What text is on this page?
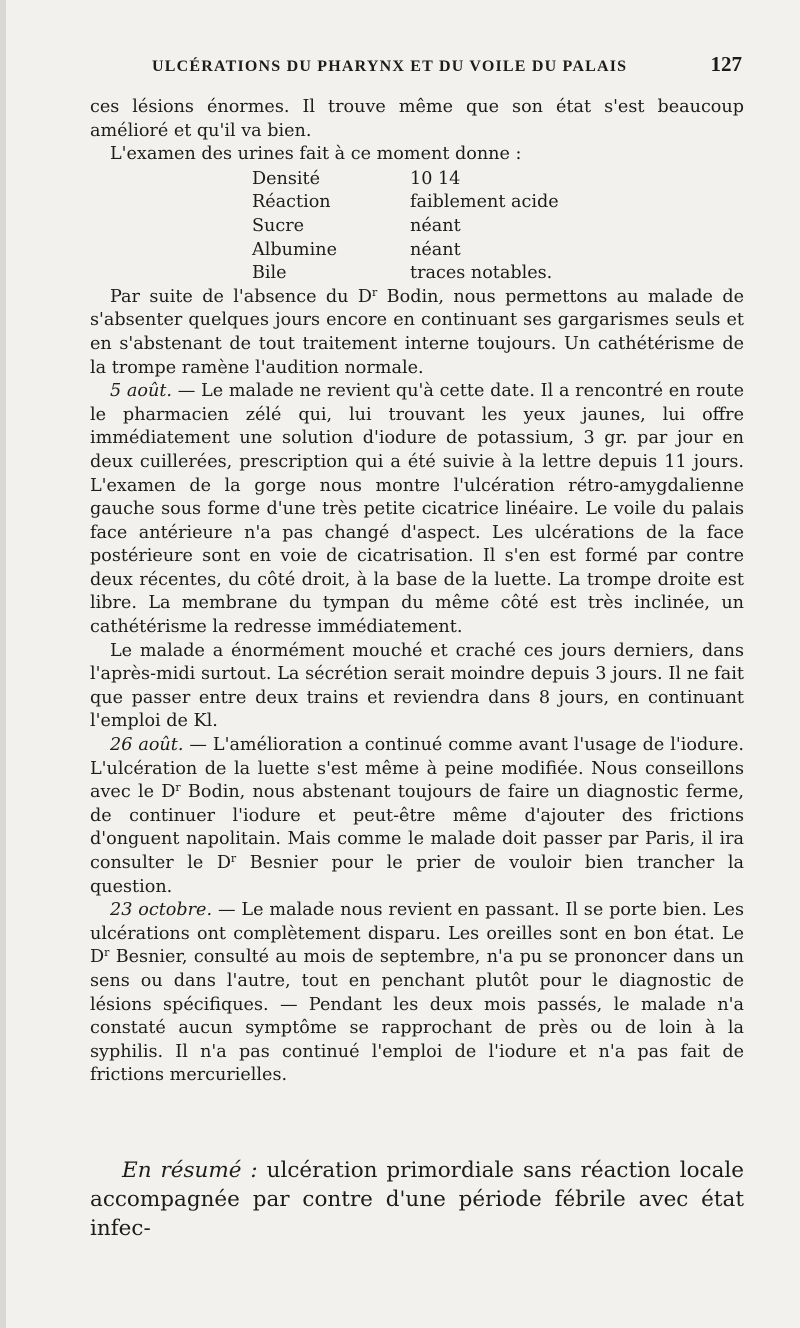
ULCÉRATIONS DU PHARYNX ET DU VOILE DU PALAIS	127

ces lésions énormes. Il trouve même que son état s'est beaucoup amélioré et qu'il va bien.

L'examen des urines fait à ce moment donne :

Densité	10 14
Réaction	faiblement acide
Sucre	néant
Albumine	néant
Bile	traces notables.

Par suite de l'absence du $D^r$ Bodin, nous permettons au malade de s'absenter quelques jours encore en continuant ses gargarismes seuls et en s'abstenant de tout traitement interne toujours. Un cathétérisme de la trompe ramène l'audition normale.

5 août. — Le malade ne revient qu'à cette date. Il a rencontré en route le pharmacien zélé qui, lui trouvant les yeux jaunes, lui offre immédiatement une solution d'iodure de potassium, 3 gr. par jour en deux cuillerées, prescription qui a été suivie à la lettre depuis 11 jours. L'examen de la gorge nous montre l'ulcération rétro-amygdalienne gauche sous forme d'une très petite cicatrice linéaire. Le voile du palais face antérieure n'a pas changé d'aspect. Les ulcérations de la face postérieure sont en voie de cicatrisation. Il s'en est formé par contre deux récentes, du côté droit, à la base de la luette. La trompe droite est libre. La membrane du tympan du même côté est très inclinée, un cathétérisme la redresse immédiatement.

Le malade a énormément mouché et craché ces jours derniers, dans l'après-midi surtout. La sécrétion serait moindre depuis 3 jours. Il ne fait que passer entre deux trains et reviendra dans 8 jours, en continuant l'emploi de Kl.

26 août. — L'amélioration a continué comme avant l'usage de l'iodure. L'ulcération de la luette s'est même à peine modifiée. Nous conseillons avec le $D^r$ Bodin, nous abstenant toujours de faire un diagnostic ferme, de continuer l'iodure et peut-être même d'ajouter des frictions d'onguent napolitain. Mais comme le malade doit passer par Paris, il ira consulter le $D^r$ Besnier pour le prier de vouloir bien trancher la question.

23 octobre. — Le malade nous revient en passant. Il se porte bien. Les ulcérations ont complètement disparu. Les oreilles sont en bon état. Le $D^r$ Besnier, consulté au mois de septembre, n'a pu se prononcer dans un sens ou dans l'autre, tout en penchant plutôt pour le diagnostic de lésions spécifiques. — Pendant les deux mois passés, le malade n'a constaté aucun symptôme se rapprochant de près ou de loin à la syphilis. Il n'a pas continué l'emploi de l'iodure et n'a pas fait de frictions mercurielles.

En résumé : ulcération primordiale sans réaction locale accompagnée par contre d'une période fébrile avec état infec-
